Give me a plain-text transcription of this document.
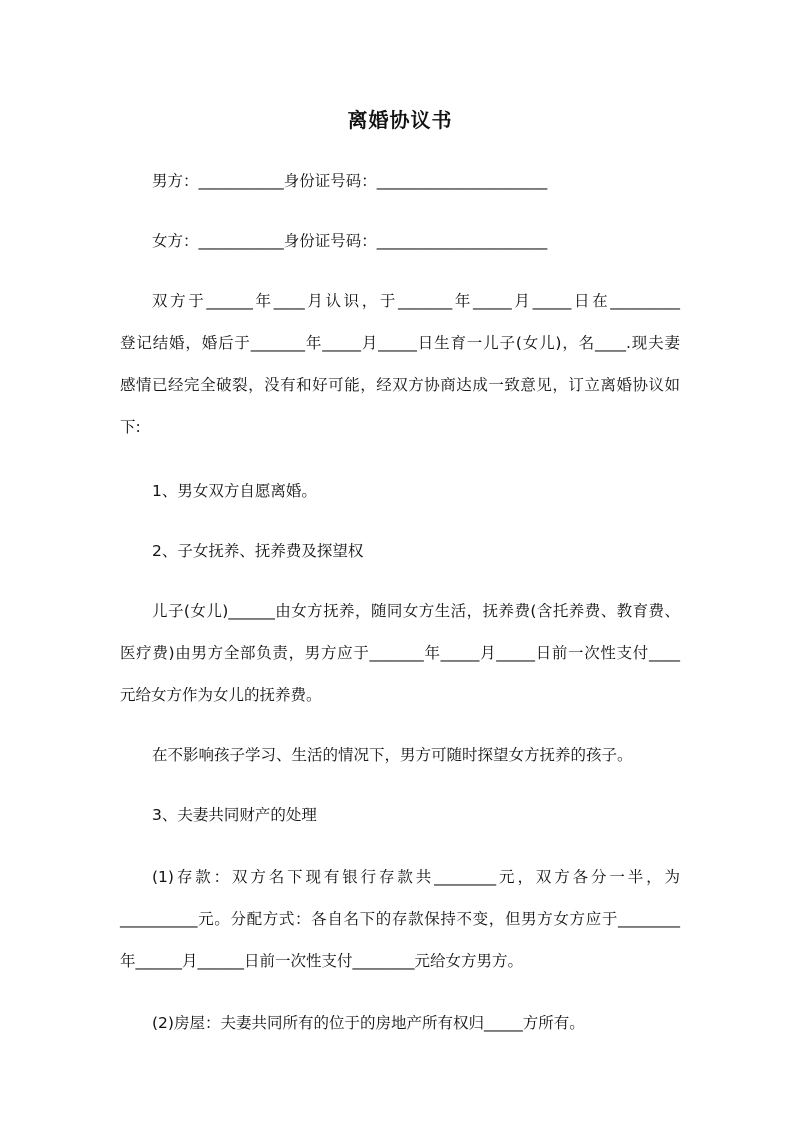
离婚协议书

男方：___________身份证号码：______________________

女方：___________身份证号码：______________________

双方于______年____月认识，于_______年_____月_____日在_________

登记结婚，婚后于_______年_____月_____日生育一儿子(女儿)，名____.现夫妻

感情已经完全破裂，没有和好可能，经双方协商达成一致意见，订立离婚协议如

下:

1、男女双方自愿离婚。

2、子女抚养、抚养费及探望权

儿子(女儿)______由女方抚养，随同女方生活，抚养费(含托养费、教育费、

医疗费)由男方全部负责，男方应于_______年_____月_____日前一次性支付____

元给女方作为女儿的抚养费。

在不影响孩子学习、生活的情况下，男方可随时探望女方抚养的孩子。

3、夫妻共同财产的处理

(1)存款：双方名下现有银行存款共________元，双方各分一半，为

__________元。分配方式：各自名下的存款保持不变，但男方女方应于________

年______月______日前一次性支付________元给女方男方。

(2)房屋：夫妻共同所有的位于的房地产所有权归_____方所有。
